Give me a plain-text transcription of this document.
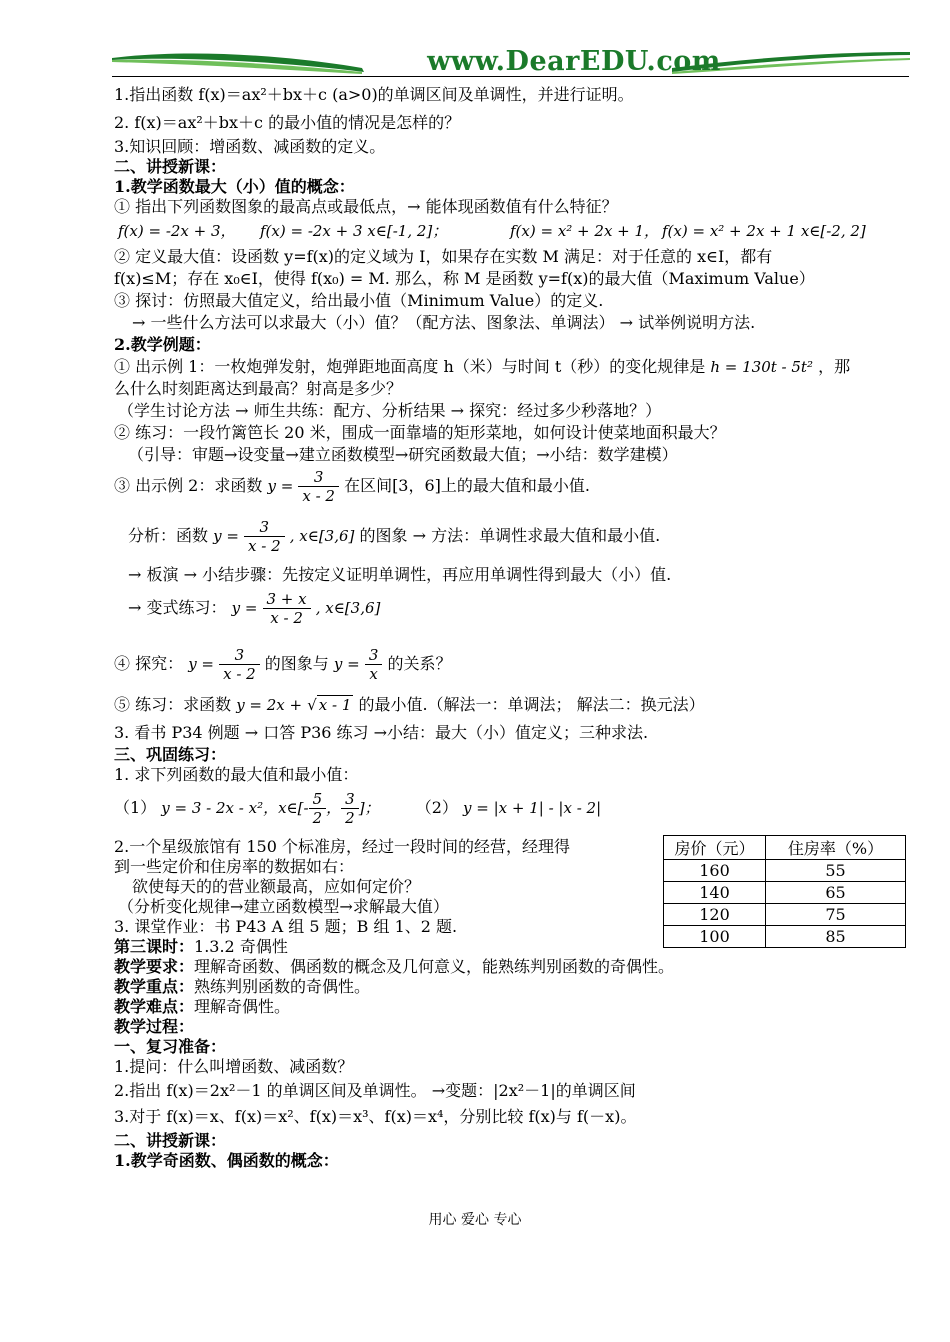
www.DearEDU.com
1.指出函数 f(x)＝ax²＋bx＋c (a>0)的单调区间及单调性，并进行证明。
2. f(x)＝ax²＋bx＋c 的最小值的情况是怎样的？
3.知识回顾：增函数、减函数的定义。
二、讲授新课：
1.教学函数最大（小）值的概念：
① 指出下列函数图象的最高点或最低点，→ 能体现函数值有什么特征？
f(x) = -2x + 3， f(x) = -2x + 3 x∈[-1, 2]；	f(x) = x² + 2x + 1， f(x) = x² + 2x + 1 x∈[-2, 2]
② 定义最大值：设函数 y=f(x)的定义域为 I，如果存在实数 M 满足：对于任意的 x∈I，都有
f(x)≤M；存在 x₀∈I，使得 f(x₀) = M. 那么，称 M 是函数 y=f(x)的最大值（Maximum Value）
③ 探讨：仿照最大值定义，给出最小值（Minimum Value）的定义.
→ 一些什么方法可以求最大（小）值？（配方法、图象法、单调法） → 试举例说明方法.
2.教学例题：
① 出示例 1：一枚炮弹发射，炮弹距地面高度 h（米）与时间 t（秒）的变化规律是 h = 130t - 5t² ，那
么什么时刻距离达到最高？射高是多少？
（学生讨论方法 → 师生共练：配方、分析结果 → 探究：经过多少秒落地？）
② 练习：一段竹篱笆长 20 米，围成一面靠墙的矩形菜地，如何设计使菜地面积最大？
（引导：审题→设变量→建立函数模型→研究函数最大值；→小结：数学建模）
③ 出示例 2：求函数 $y = \frac{3}{x - 2}$ 在区间[3，6]上的最大值和最小值.
分析：函数 $y = \frac{3}{x - 2}$ , x∈[3,6] 的图象 → 方法：单调性求最大值和最小值.
→ 板演 → 小结步骤：先按定义证明单调性，再应用单调性得到最大（小）值.
→ 变式练习： $y = \frac{3 + x}{x - 2}$ , x∈[3,6]
④ 探究： $y = \frac{3}{x - 2}$ 的图象与 $y = \frac{3}{x}$ 的关系？
⑤ 练习：求函数 y = 2x + √ x - 1 的最小值.（解法一：单调法； 解法二：换元法）
3. 看书 P34 例题 → 口答 P36 练习 →小结：最大（小）值定义；三种求法.
三、巩固练习：
1. 求下列函数的最大值和最小值：
（1） y = 3 - 2x - x²，x∈[- $\frac{5}{2}$ ， $\frac{3}{2}$ ]； （2） y = |x + 1| - |x - 2|
2.一个星级旅馆有 150 个标准房，经过一段时间的经营，经理得
到一些定价和住房率的数据如右：
欲使每天的的营业额最高，应如何定价？
（分析变化规律→建立函数模型→求解最大值）
3. 课堂作业：书 P43 A 组 5 题；B 组 1、2 题.
第三课时：1.3.2 奇偶性
教学要求：理解奇函数、偶函数的概念及几何意义，能熟练判别函数的奇偶性。
教学重点：熟练判别函数的奇偶性。
教学难点：理解奇偶性。
教学过程：
一、复习准备：
1.提问：什么叫增函数、减函数？
2.指出 f(x)＝2x²－1 的单调区间及单调性。 →变题：|2x²－1|的单调区间
3.对于 f(x)＝x、f(x)＝x²、f(x)＝x³、f(x)＝x⁴，分别比较 f(x)与 f(－x)。
二、讲授新课：
1.教学奇函数、偶函数的概念：
房价（元）	住房率（%）
160	55
140	65
120	75
100	85
用心 爱心 专心
